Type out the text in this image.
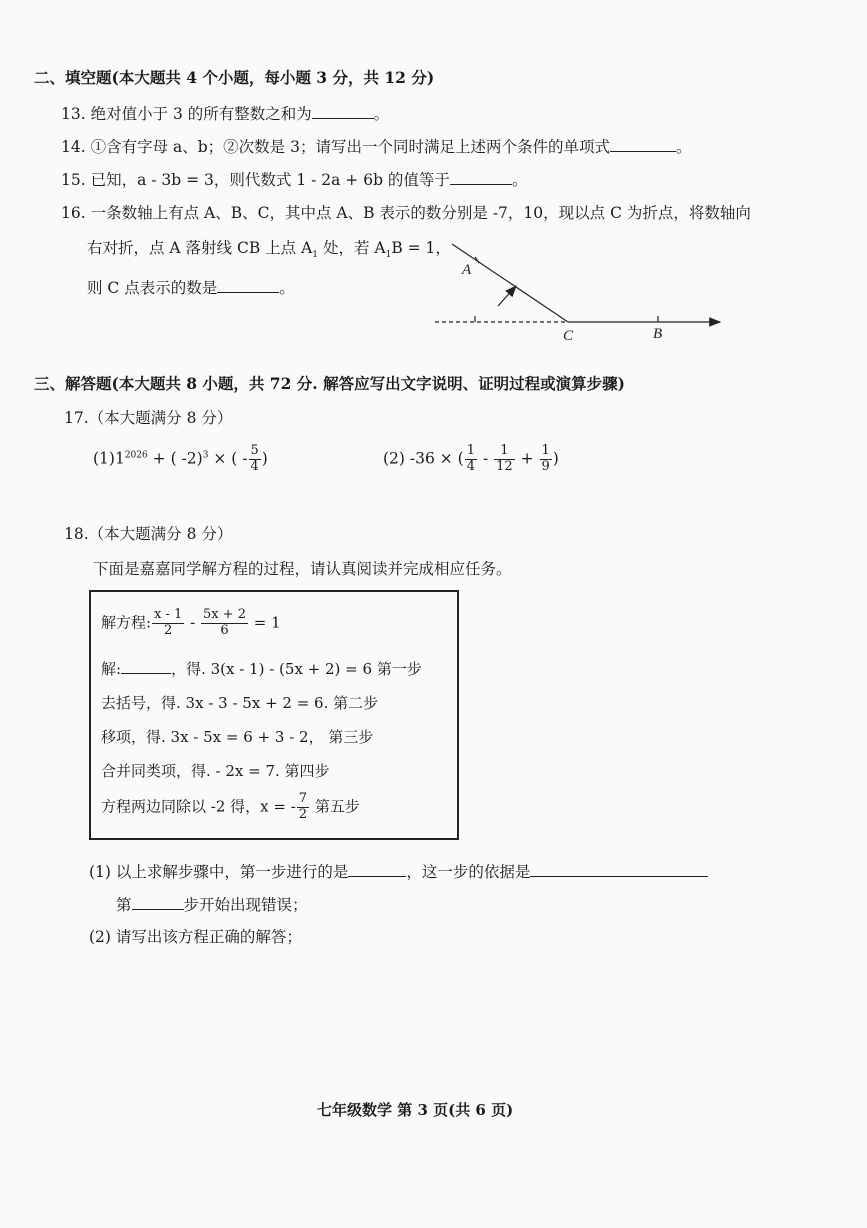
二、填空题(本大题共 4 个小题，每小题 3 分，共 12 分)
13. 绝对值小于 3 的所有整数之和为	。
14. ①含有字母 a、b；②次数是 3；请写出一个同时满足上述两个条件的单项式	。
15. 已知，a - 3b = 3，则代数式 1 - 2a + 6b 的值等于	。
16. 一条数轴上有点 A、B、C，其中点 A、B 表示的数分别是 -7，10，现以点 C 为折点，将数轴向
右对折，点 A 落射线 CB 上点 $A_1$ 处，若 $A_1B = 1$，
则 C 点表示的数是	。
A
C	B
三、解答题(本大题共 8 小题，共 72 分. 解答应写出文字说明、证明过程或演算步骤)
17.（本大题满分 8 分）
$(1)1^{2026}$ + ( -2)$^3$ × ( - $\frac{5}{4}$ )	(2) -36 × ( $\frac{1}{4} - \frac{1}{12} + \frac{1}{9}$ )
18.（本大题满分 8 分）
下面是嘉嘉同学解方程的过程，请认真阅读并完成相应任务。
解方程: $\frac{x - 1}{2} - \frac{5x + 2}{6} = 1$
解:	，得. 3(x - 1) - (5x + 2) = 6 第一步
去括号，得. 3x - 3 - 5x + 2 = 6. 第二步
移项，得. 3x - 5x = 6 + 3 - 2， 第三步
合并同类项，得. - 2x = 7. 第四步
方程两边同除以 -2 得，x = - $\frac{7}{2}$ 第五步
(1) 以上求解步骤中，第一步进行的是	，这一步的依据是
第	步开始出现错误；
(2) 请写出该方程正确的解答；
七年级数学 第 3 页(共 6 页)
